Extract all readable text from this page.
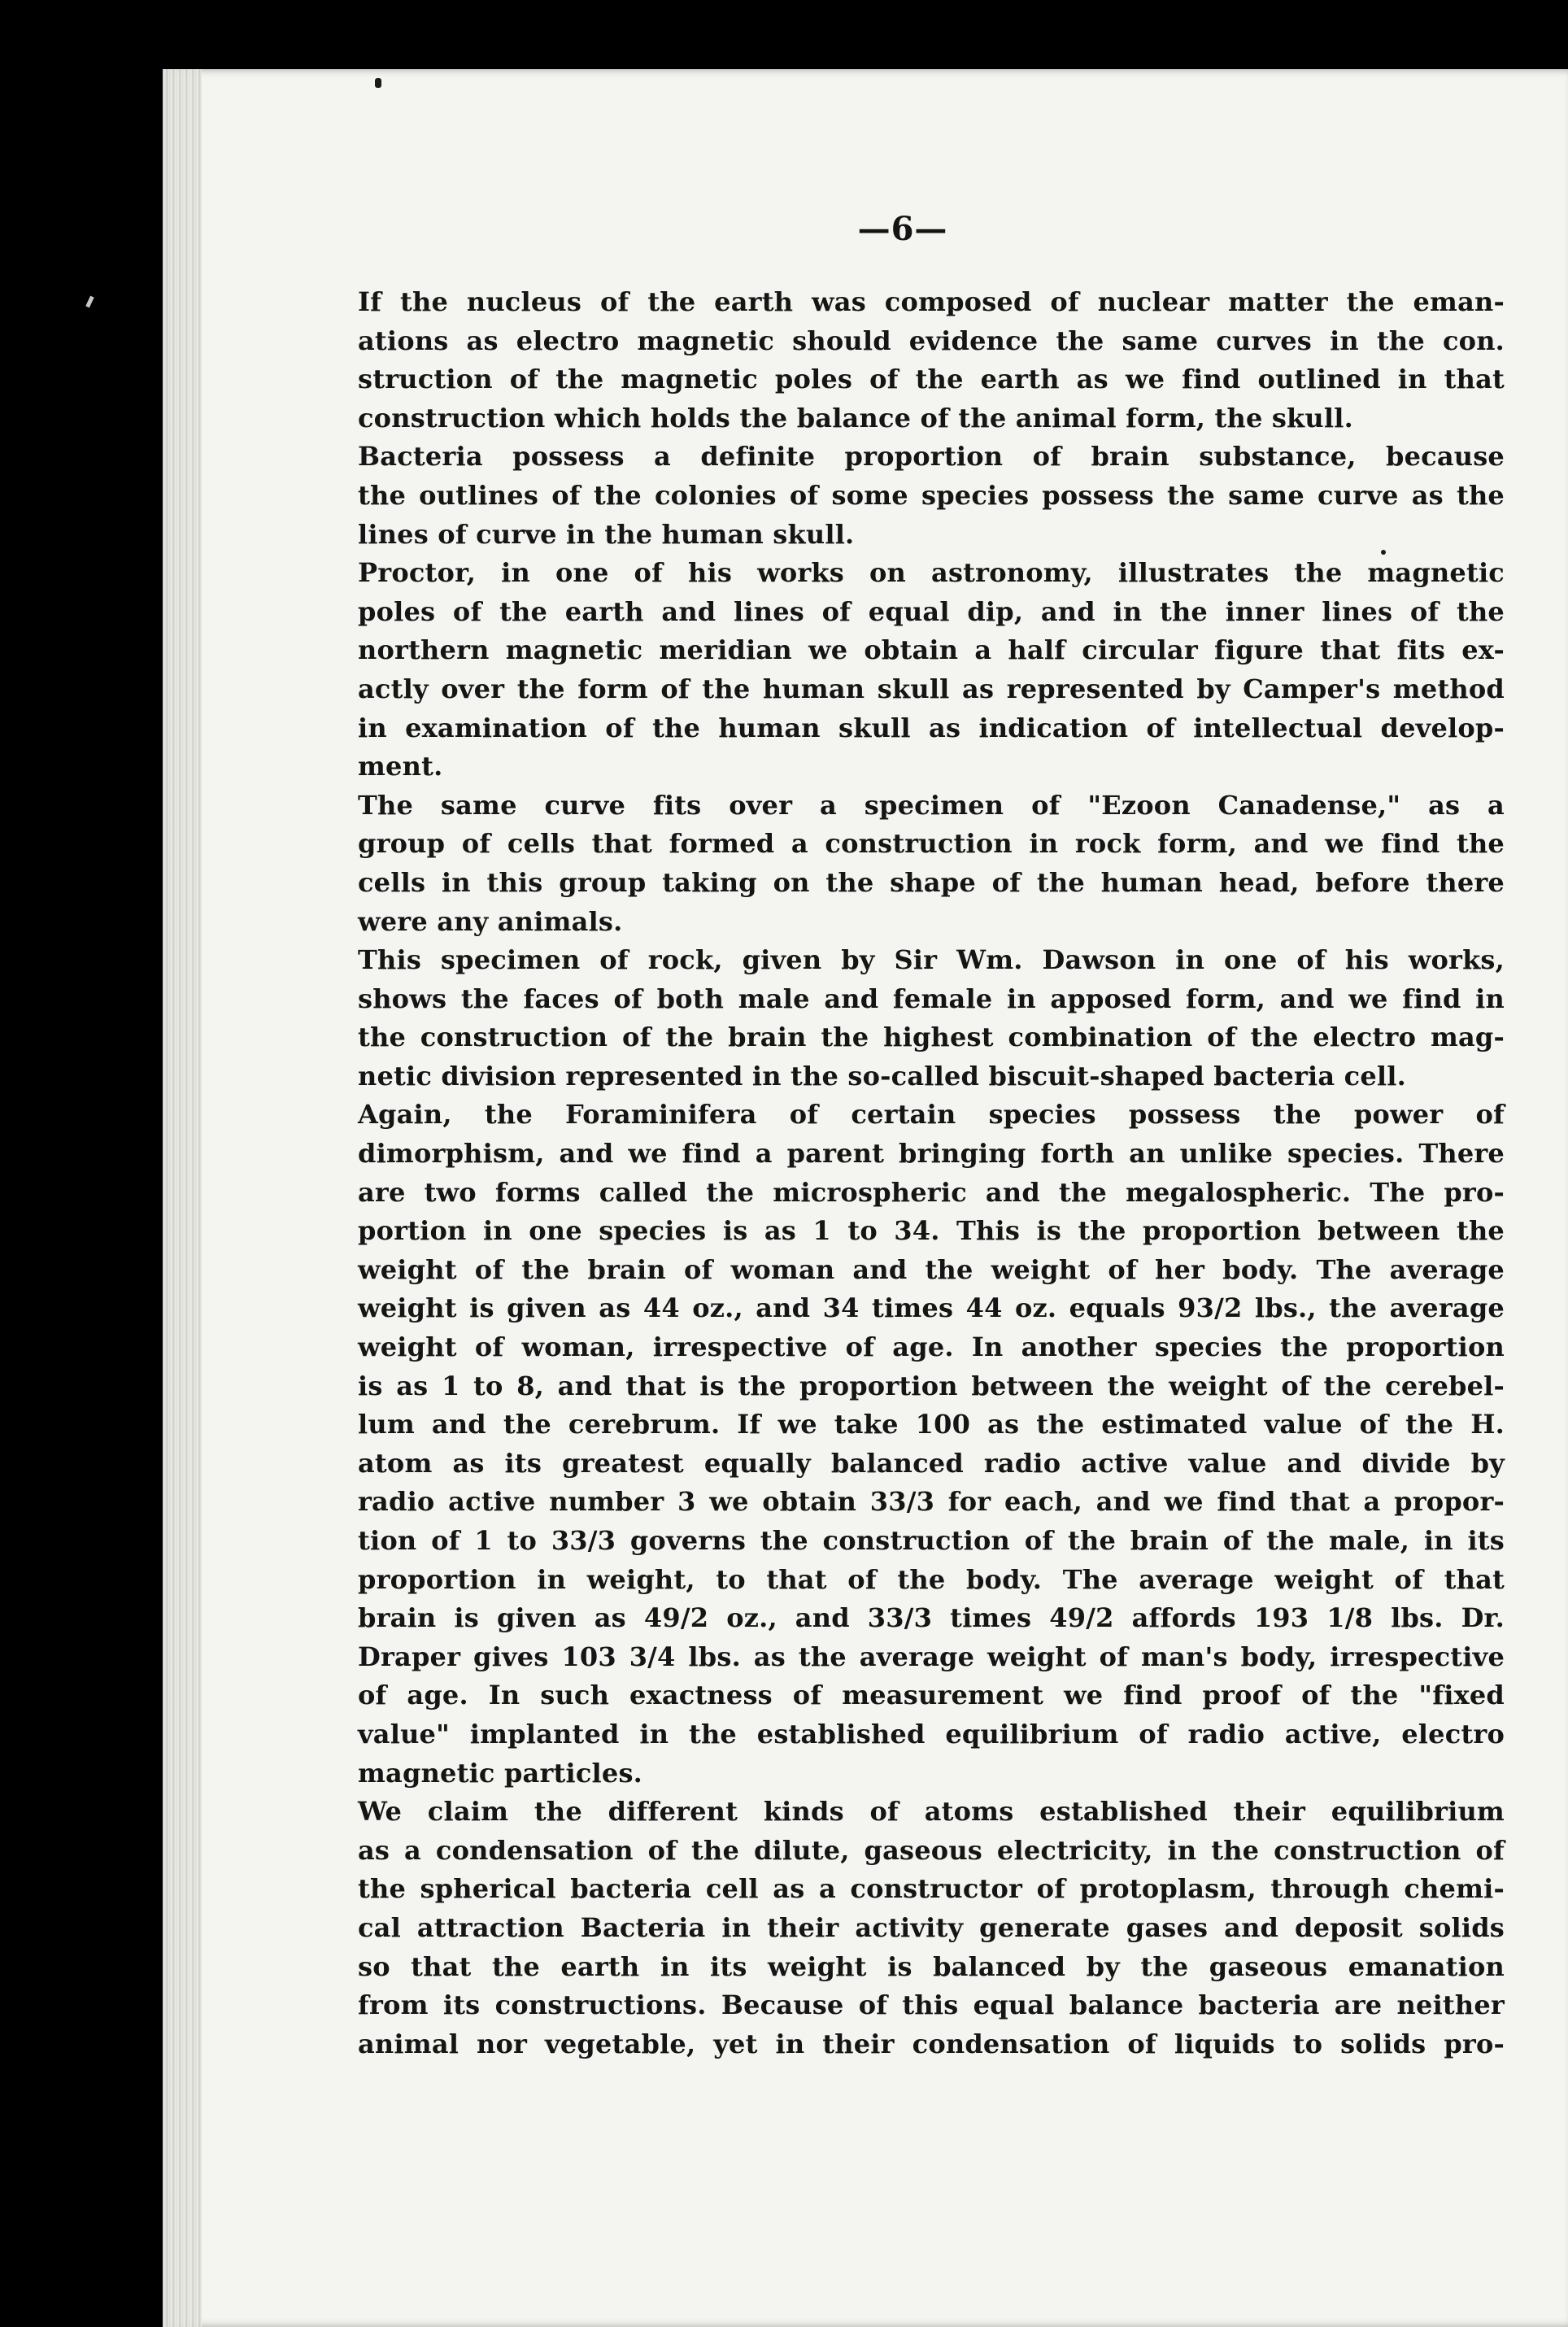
—6—
If the nucleus of the earth was composed of nuclear matter the eman-
ations as electro magnetic should evidence the same curves in the con.
struction of the magnetic poles of the earth as we find outlined in that
construction which holds the balance of the animal form, the skull.
Bacteria possess a definite proportion of brain substance, because
the outlines of the colonies of some species possess the same curve as the
lines of curve in the human skull.
Proctor, in one of his works on astronomy, illustrates the magnetic
poles of the earth and lines of equal dip, and in the inner lines of the
northern magnetic meridian we obtain a half circular figure that fits ex-
actly over the form of the human skull as represented by Camper's method
in examination of the human skull as indication of intellectual develop-
ment.
The same curve fits over a specimen of "Ezoon Canadense," as a
group of cells that formed a construction in rock form, and we find the
cells in this group taking on the shape of the human head, before there
were any animals.
This specimen of rock, given by Sir Wm. Dawson in one of his works,
shows the faces of both male and female in apposed form, and we find in
the construction of the brain the highest combination of the electro mag-
netic division represented in the so-called biscuit-shaped bacteria cell.
Again, the Foraminifera of certain species possess the power of
dimorphism, and we find a parent bringing forth an unlike species. There
are two forms called the microspheric and the megalospheric. The pro-
portion in one species is as 1 to 34. This is the proportion between the
weight of the brain of woman and the weight of her body. The average
weight is given as 44 oz., and 34 times 44 oz. equals 93/2 lbs., the average
weight of woman, irrespective of age. In another species the proportion
is as 1 to 8, and that is the proportion between the weight of the cerebel-
lum and the cerebrum. If we take 100 as the estimated value of the H.
atom as its greatest equally balanced radio active value and divide by
radio active number 3 we obtain 33/3 for each, and we find that a propor-
tion of 1 to 33/3 governs the construction of the brain of the male, in its
proportion in weight, to that of the body. The average weight of that
brain is given as 49/2 oz., and 33/3 times 49/2 affords 193 1/8 lbs. Dr.
Draper gives 103 3/4 lbs. as the average weight of man's body, irrespective
of age. In such exactness of measurement we find proof of the "fixed
value" implanted in the established equilibrium of radio active, electro
magnetic particles.
We claim the different kinds of atoms established their equilibrium
as a condensation of the dilute, gaseous electricity, in the construction of
the spherical bacteria cell as a constructor of protoplasm, through chemi-
cal attraction Bacteria in their activity generate gases and deposit solids
so that the earth in its weight is balanced by the gaseous emanation
from its constructions. Because of this equal balance bacteria are neither
animal nor vegetable, yet in their condensation of liquids to solids pro-
